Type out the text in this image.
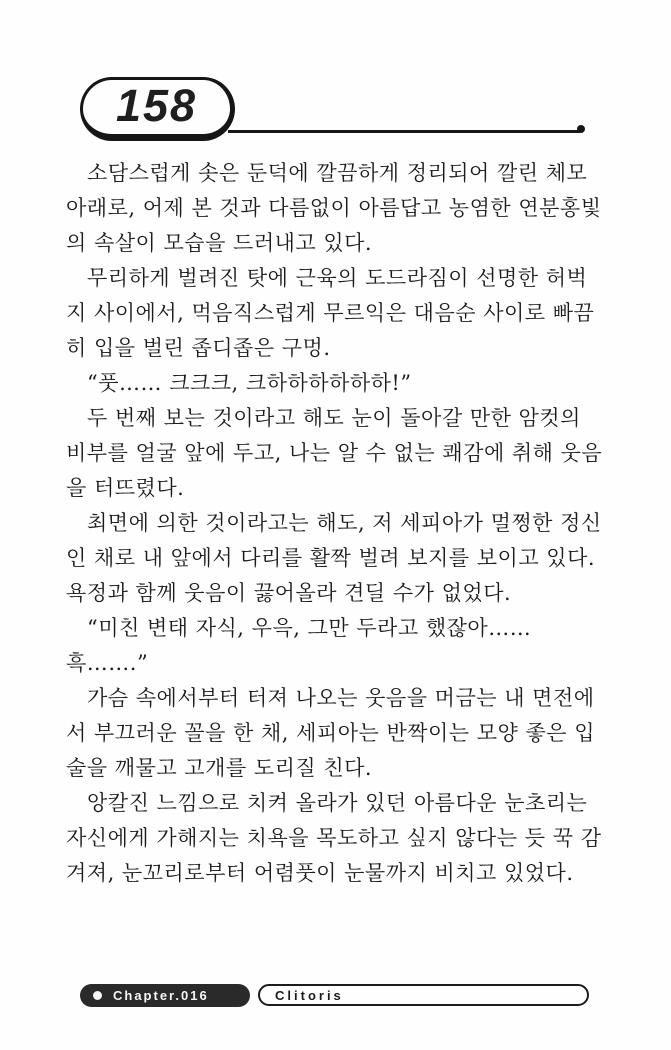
158

소담스럽게 솟은 둔덕에 깔끔하게 정리되어 깔린 체모 아래로, 어제 본 것과 다름없이 아름답고 농염한 연분홍빛의 속살이 모습을 드러내고 있다.

무리하게 벌려진 탓에 근육의 도드라짐이 선명한 허벅지 사이에서, 먹음직스럽게 무르익은 대음순 사이로 빠끔히 입을 벌린 좁디좁은 구멍.

“풋…… 크크크, 크하하하하하하!”

두 번째 보는 것이라고 해도 눈이 돌아갈 만한 암컷의 비부를 얼굴 앞에 두고, 나는 알 수 없는 쾌감에 취해 웃음을 터뜨렸다.

최면에 의한 것이라고는 해도, 저 세피아가 멀쩡한 정신인 채로 내 앞에서 다리를 활짝 벌려 보지를 보이고 있다. 욕정과 함께 웃음이 끓어올라 견딜 수가 없었다.

“미친 변태 자식, 우윽, 그만 두라고 했잖아…… 흑…….”

가슴 속에서부터 터져 나오는 웃음을 머금는 내 면전에서 부끄러운 꼴을 한 채, 세피아는 반짝이는 모양 좋은 입술을 깨물고 고개를 도리질 친다.

앙칼진 느낌으로 치켜 올라가 있던 아름다운 눈초리는 자신에게 가해지는 치욕을 목도하고 싶지 않다는 듯 꾹 감겨져, 눈꼬리로부터 어렴풋이 눈물까지 비치고 있었다.

Chapter.016	Clitoris
